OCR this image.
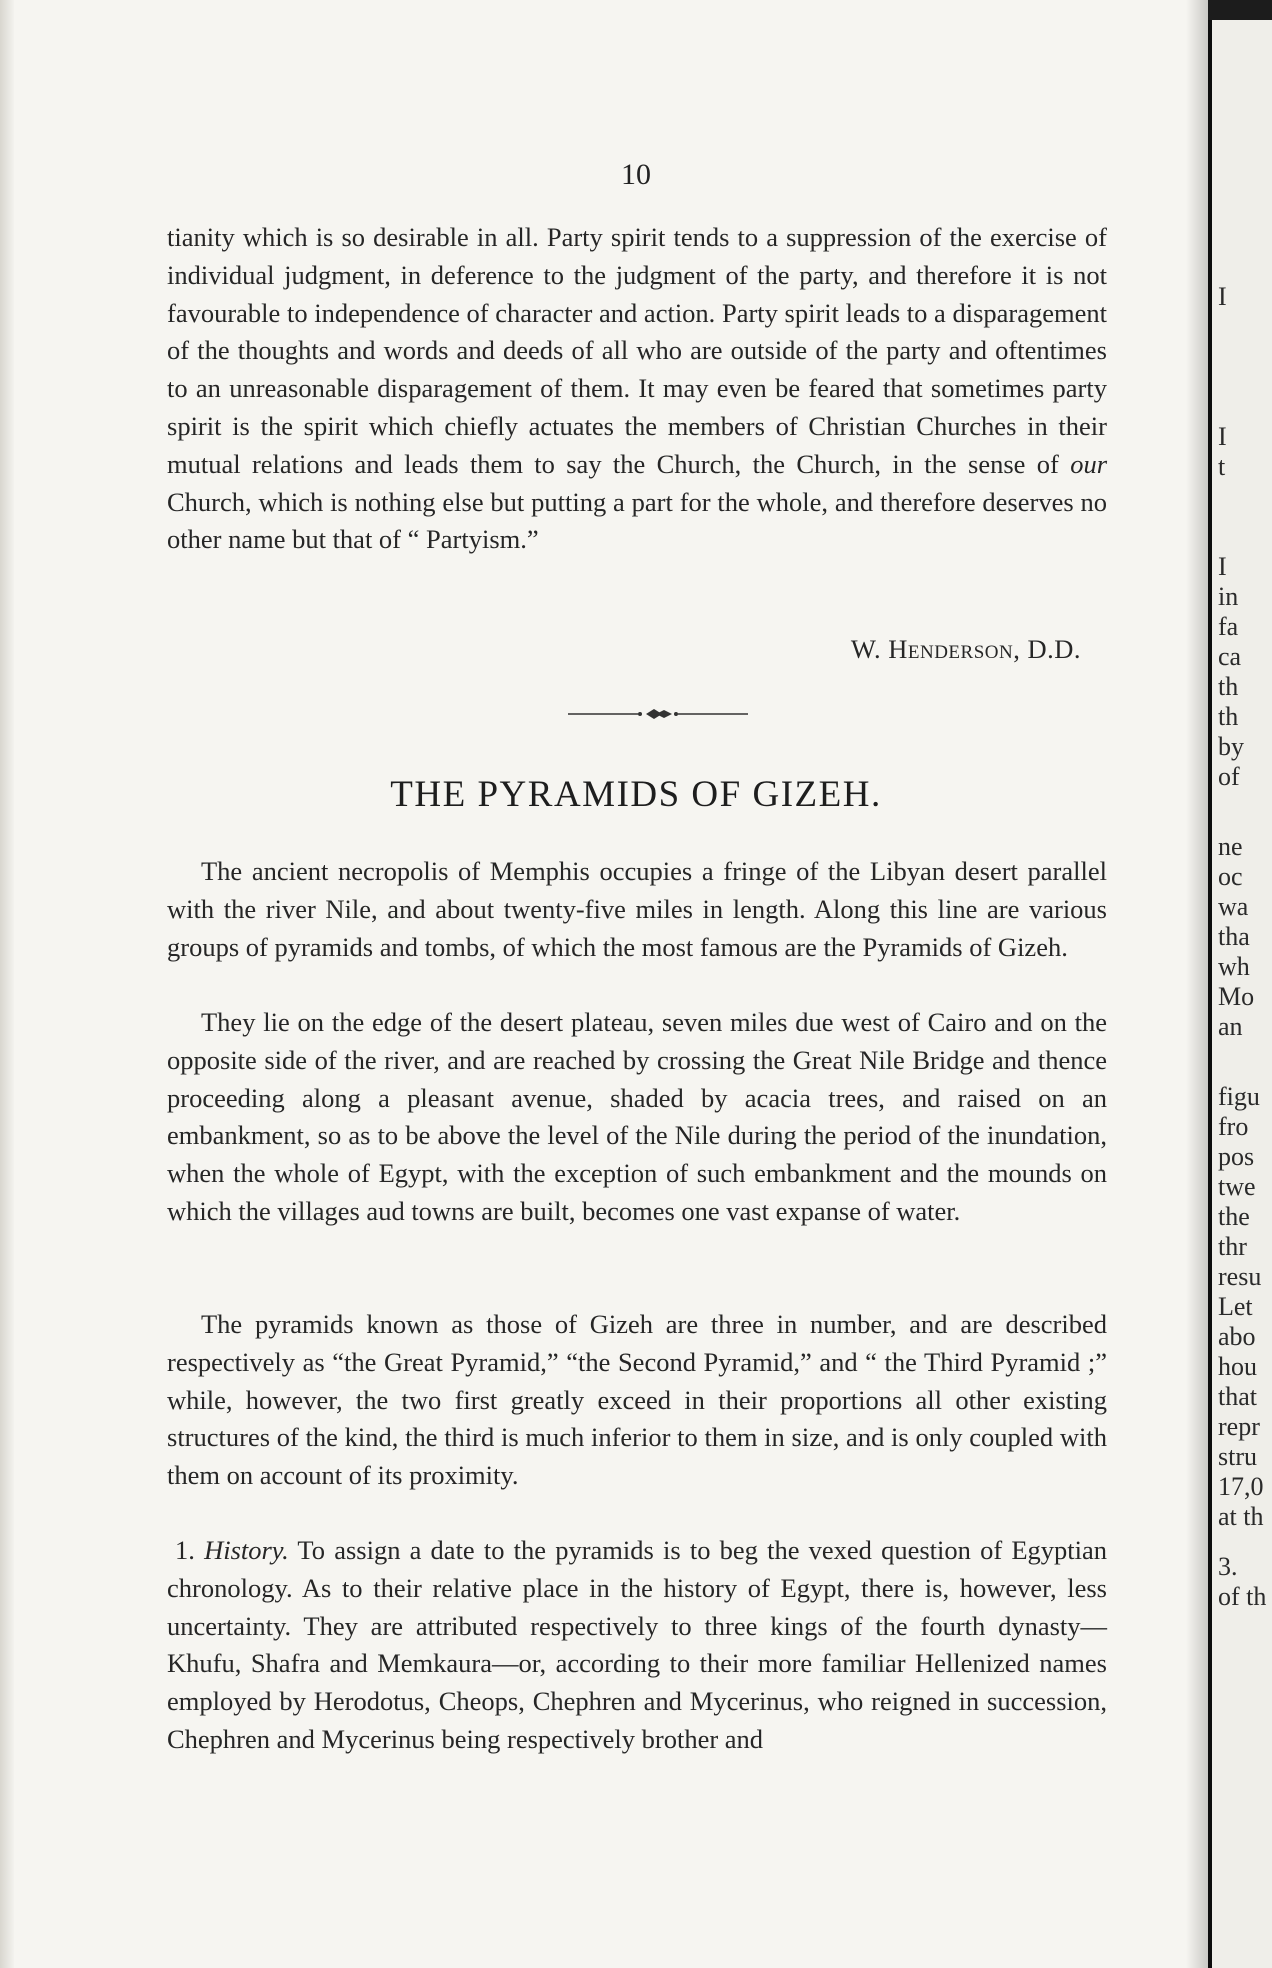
10

tianity which is so desirable in all. Party spirit tends to a suppression of the exercise of individual judgment, in deference to the judgment of the party, and therefore it is not favourable to independence of character and action. Party spirit leads to a disparagement of the thoughts and words and deeds of all who are outside of the party and oftentimes to an unreasonable disparagement of them. It may even be feared that sometimes party spirit is the spirit which chiefly actuates the members of Christian Churches in their mutual relations and leads them to say the Church, the Church, in the sense of our Church, which is nothing else but putting a part for the whole, and therefore deserves no other name but that of “ Partyism.”

W. Henderson, D.D.
THE PYRAMIDS OF GIZEH.

The ancient necropolis of Memphis occupies a fringe of the Libyan desert parallel with the river Nile, and about twenty-five miles in length. Along this line are various groups of pyramids and tombs, of which the most famous are the Pyramids of Gizeh.

They lie on the edge of the desert plateau, seven miles due west of Cairo and on the opposite side of the river, and are reached by crossing the Great Nile Bridge and thence proceeding along a pleasant avenue, shaded by acacia trees, and raised on an embankment, so as to be above the level of the Nile during the period of the inundation, when the whole of Egypt, with the exception of such embankment and the mounds on which the villages aud towns are built, becomes one vast expanse of water.

The pyramids known as those of Gizeh are three in number, and are described respectively as “the Great Pyramid,” “the Second Pyramid,” and “ the Third Pyramid ;” while, however, the two first greatly exceed in their proportions all other existing structures of the kind, the third is much inferior to them in size, and is only coupled with them on account of its proximity.

1. History. To assign a date to the pyramids is to beg the vexed question of Egyptian chronology. As to their relative place in the history of Egypt, there is, however, less uncertainty. They are attributed respectively to three kings of the fourth dynasty—Khufu, Shafra and Memkaura—or, according to their more familiar Hellenized names employed by Herodotus, Cheops, Chephren and Mycerinus, who reigned in succession, Chephren and Mycerinus being respectively brother and

I
I
t
I
in
fa
ca
th
th
by
of
ne
oc
wa
tha
wh
Mo
an
figu
fro
pos
twe
the
thr
resu
Let
abo
hou
that
repr
stru
17,0
at th
3.
of th
